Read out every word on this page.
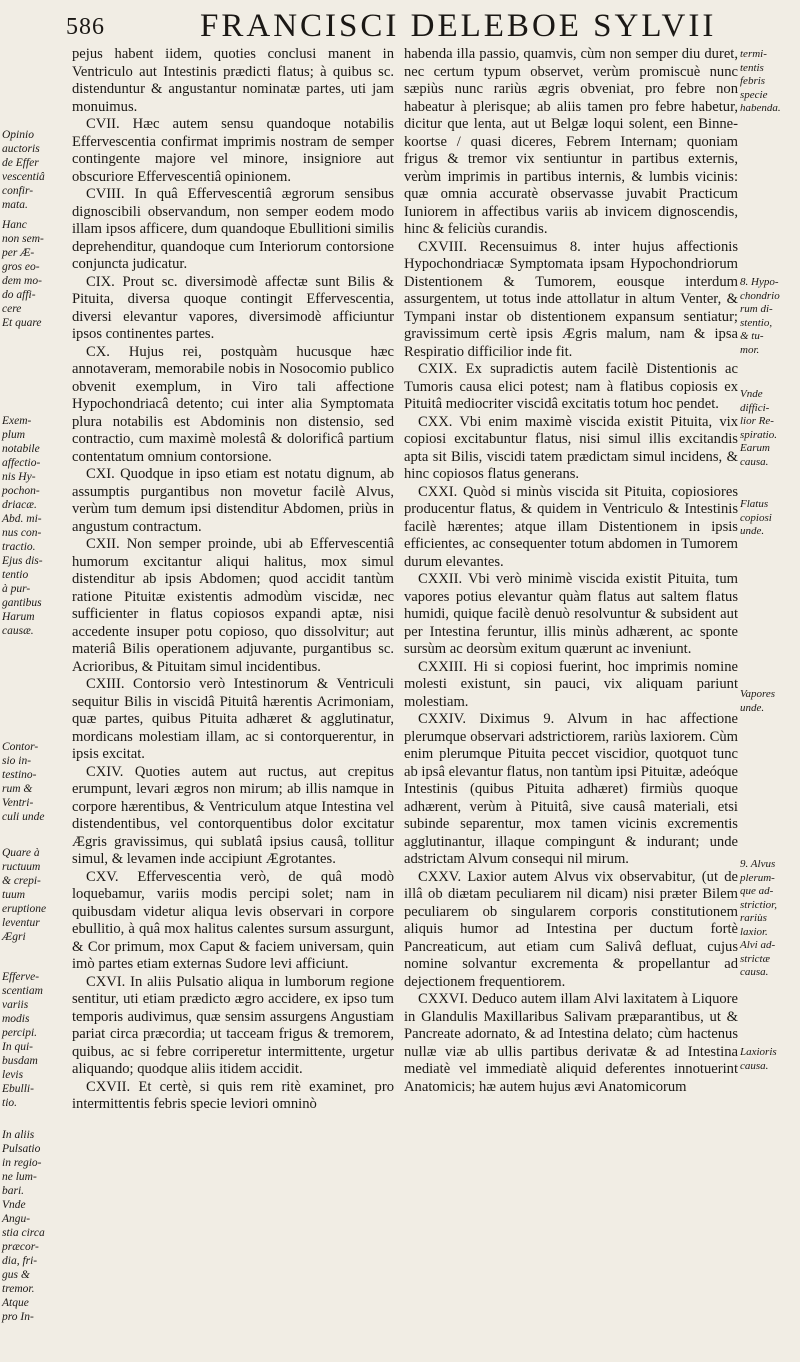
586	FRANCISCI DELEBOE SYLVII
Opinio
auctoris
de Effer
vescentiâ
confir-
mata.
Hanc
non sem-
per Æ-
gros eo-
dem mo-
do affi-
cere
Et quare
Exem-
plum
notabile
affectio-
nis Hy-
pochon-
driacæ.
Abd. mi-
nus con-
tractio.
Ejus dis-
tentio
à pur-
gantibus
Harum
causæ.
Contor-
sio in-
testino-
rum &
Ventri-
culi unde
Quare à
ructuum
& crepi-
tuum
eruptione
leventur
Ægri
Efferve-
scentiam
variis
modis
percipi.
In qui-
busdam
levis
Ebulli-
tio.
In aliis
Pulsatio
in regio-
ne lum-
bari.
Vnde
Angu-
stia circa
præcor-
dia, fri-
gus &
tremor.
Atque
pro In-

pejus habent iidem, quoties conclusi manent in Ventriculo aut Intestinis prædicti flatus; à quibus sc. distenduntur & angustantur nominatæ partes, uti jam monuimus.

CVII. Hæc autem sensu quandoque notabilis Effervescentia confirmat imprimis nostram de semper contingente majore vel minore, insigniore aut obscuriore Effervescentiâ opinionem.

CVIII. In quâ Effervescentiâ ægrorum sensibus dignoscibili observandum, non semper eodem modo illam ipsos afficere, dum quandoque Ebullitioni similis deprehenditur, quandoque cum Interiorum contorsione conjuncta judicatur.

CIX. Prout sc. diversimodè affectæ sunt Bilis & Pituita, diversa quoque contingit Effervescentia, diversi elevantur vapores, diversimodè afficiuntur ipsos continentes partes.

CX. Hujus rei, postquàm hucusque hæc annotaveram, memorabile nobis in Nosocomio publico obvenit exemplum, in Viro tali affectione Hypochondriacâ detento; cui inter alia Symptomata plura notabilis est Abdominis non distensio, sed contractio, cum maximè molestâ & dolorificâ partium contentatum omnium contorsione.

CXI. Quodque in ipso etiam est notatu dignum, ab assumptis purgantibus non movetur facilè Alvus, verùm tum demum ipsi distenditur Abdomen, priùs in angustum contractum.

CXII. Non semper proinde, ubi ab Effervescentiâ humorum excitantur aliqui halitus, mox simul distenditur ab ipsis Abdomen; quod accidit tantùm ratione Pituitæ existentis admodùm viscidæ, nec sufficienter in flatus copiosos expandi aptæ, nisi accedente insuper potu copioso, quo dissolvitur; aut materiâ Bilis operationem adjuvante, purgantibus sc. Acrioribus, & Pituitam simul incidentibus.

CXIII. Contorsio verò Intestinorum & Ventriculi sequitur Bilis in viscidâ Pituitâ hærentis Acrimoniam, quæ partes, quibus Pituita adhæret & agglutinatur, mordicans molestiam illam, ac si contorquerentur, in ipsis excitat.

CXIV. Quoties autem aut ructus, aut crepitus erumpunt, levari ægros non mirum; ab illis namque in corpore hærentibus, & Ventriculum atque Intestina vel distendentibus, vel contorquentibus dolor excitatur Ægris gravissimus, qui sublatâ ipsius causâ, tollitur simul, & levamen inde accipiunt Ægrotantes.

CXV. Effervescentia verò, de quâ modò loquebamur, variis modis percipi solet; nam in quibusdam videtur aliqua levis observari in corpore ebullitio, à quâ mox halitus calentes sursum assurgunt, & Cor primum, mox Caput & faciem universam, quin imò partes etiam externas Sudore levi afficiunt.

CXVI. In aliis Pulsatio aliqua in lumborum regione sentitur, uti etiam prædicto ægro accidere, ex ipso tum temporis audivimus, quæ sensim assurgens Angustiam pariat circa præcordia; ut tacceam frigus & tremorem, quibus, ac si febre corriperetur intermittente, urgetur aliquando; quodque aliis itidem accidit.

CXVII. Et certè, si quis rem ritè examinet, pro intermittentis febris specie leviori omninò

habenda illa passio, quamvis, cùm non semper diu duret, nec certum typum observet, verùm promiscuè nunc sæpiùs nunc rariùs ægris obveniat, pro febre non habeatur à plerisque; ab aliis tamen pro febre habetur, dicitur que lenta, aut ut Belgæ loqui solent, een Binne-koortse / quasi diceres, Febrem Internam; quoniam frigus & tremor vix sentiuntur in partibus externis, verùm imprimis in partibus internis, & lumbis vicinis: quæ omnia accuratè observasse juvabit Practicum Iuniorem in affectibus variis ab invicem dignoscendis, hinc & feliciùs curandis.

CXVIII. Recensuimus 8. inter hujus affectionis Hypochondriacæ Symptomata ipsam Hypochondriorum Distentionem & Tumorem, eousque interdum assurgentem, ut totus inde attollatur in altum Venter, & Tympani instar ob distentionem expansum sentiatur; gravissimum certè ipsis Ægris malum, nam & ipsa Respiratio difficilior inde fit.

CXIX. Ex supradictis autem facilè Distentionis ac Tumoris causa elici potest; nam à flatibus copiosis ex Pituitâ mediocriter viscidâ excitatis totum hoc pendet.

CXX. Vbi enim maximè viscida existit Pituita, vix copiosi excitabuntur flatus, nisi simul illis excitandis apta sit Bilis, viscidi tatem prædictam simul incidens, & hinc copiosos flatus generans.

CXXI. Quòd si minùs viscida sit Pituita, copiosiores producentur flatus, & quidem in Ventriculo & Intestinis facilè hærentes; atque illam Distentionem in ipsis efficientes, ac consequenter totum abdomen in Tumorem durum elevantes.

CXXII. Vbi verò minimè viscida existit Pituita, tum vapores potius elevantur quàm flatus aut saltem flatus humidi, quique facilè denuò resolvuntur & subsident aut per Intestina feruntur, illis minùs adhærent, ac sponte sursùm ac deorsùm exitum quærunt ac inveniunt.

CXXIII. Hi si copiosi fuerint, hoc imprimis nomine molesti existunt, sin pauci, vix aliquam pariunt molestiam.

CXXIV. Diximus 9. Alvum in hac affectione plerumque observari adstrictiorem, rariùs laxiorem. Cùm enim plerumque Pituita peccet viscidior, quotquot tunc ab ipsâ elevantur flatus, non tantùm ipsi Pituitæ, adeóque Intestinis (quibus Pituita adhæret) firmiùs quoque adhærent, verùm à Pituitâ, sive causâ materiali, etsi subinde separentur, mox tamen vicinis excrementis agglutinantur, illaque compingunt & indurant; unde adstrictam Alvum consequi nil mirum.

CXXV. Laxior autem Alvus vix observabitur, (ut de illâ ob diætam peculiarem nil dicam) nisi præter Bilem peculiarem ob singularem corporis constitutionem aliquis humor ad Intestina per ductum fortè Pancreaticum, aut etiam cum Salivâ defluat, cujus nomine solvantur excrementa & propellantur ad dejectionem frequentiorem.

CXXVI. Deduco autem illam Alvi laxitatem à Liquore in Glandulis Maxillaribus Salivam præparantibus, ut & Pancreate adornato, & ad Intestina delato; cùm hactenus nullæ viæ ab ullis partibus derivatæ & ad Intestina mediatè vel immediatè aliquid deferentes innotuerint Anatomicis; hæ autem hujus ævi Anatomicorum

termi-
tentis
febris
specie
habenda.
8. Hypo-
chondrio
rum di-
stentio,
& tu-
mor.
Vnde
diffici-
lior Re-
spiratio.
Earum
causa.
Flatus
copiosi
unde.
Vapores
unde.
9. Alvus
plerum-
que ad-
strictior,
rariùs
laxior.
Alvi ad-
strictæ
causa.
Laxioris
causa.
